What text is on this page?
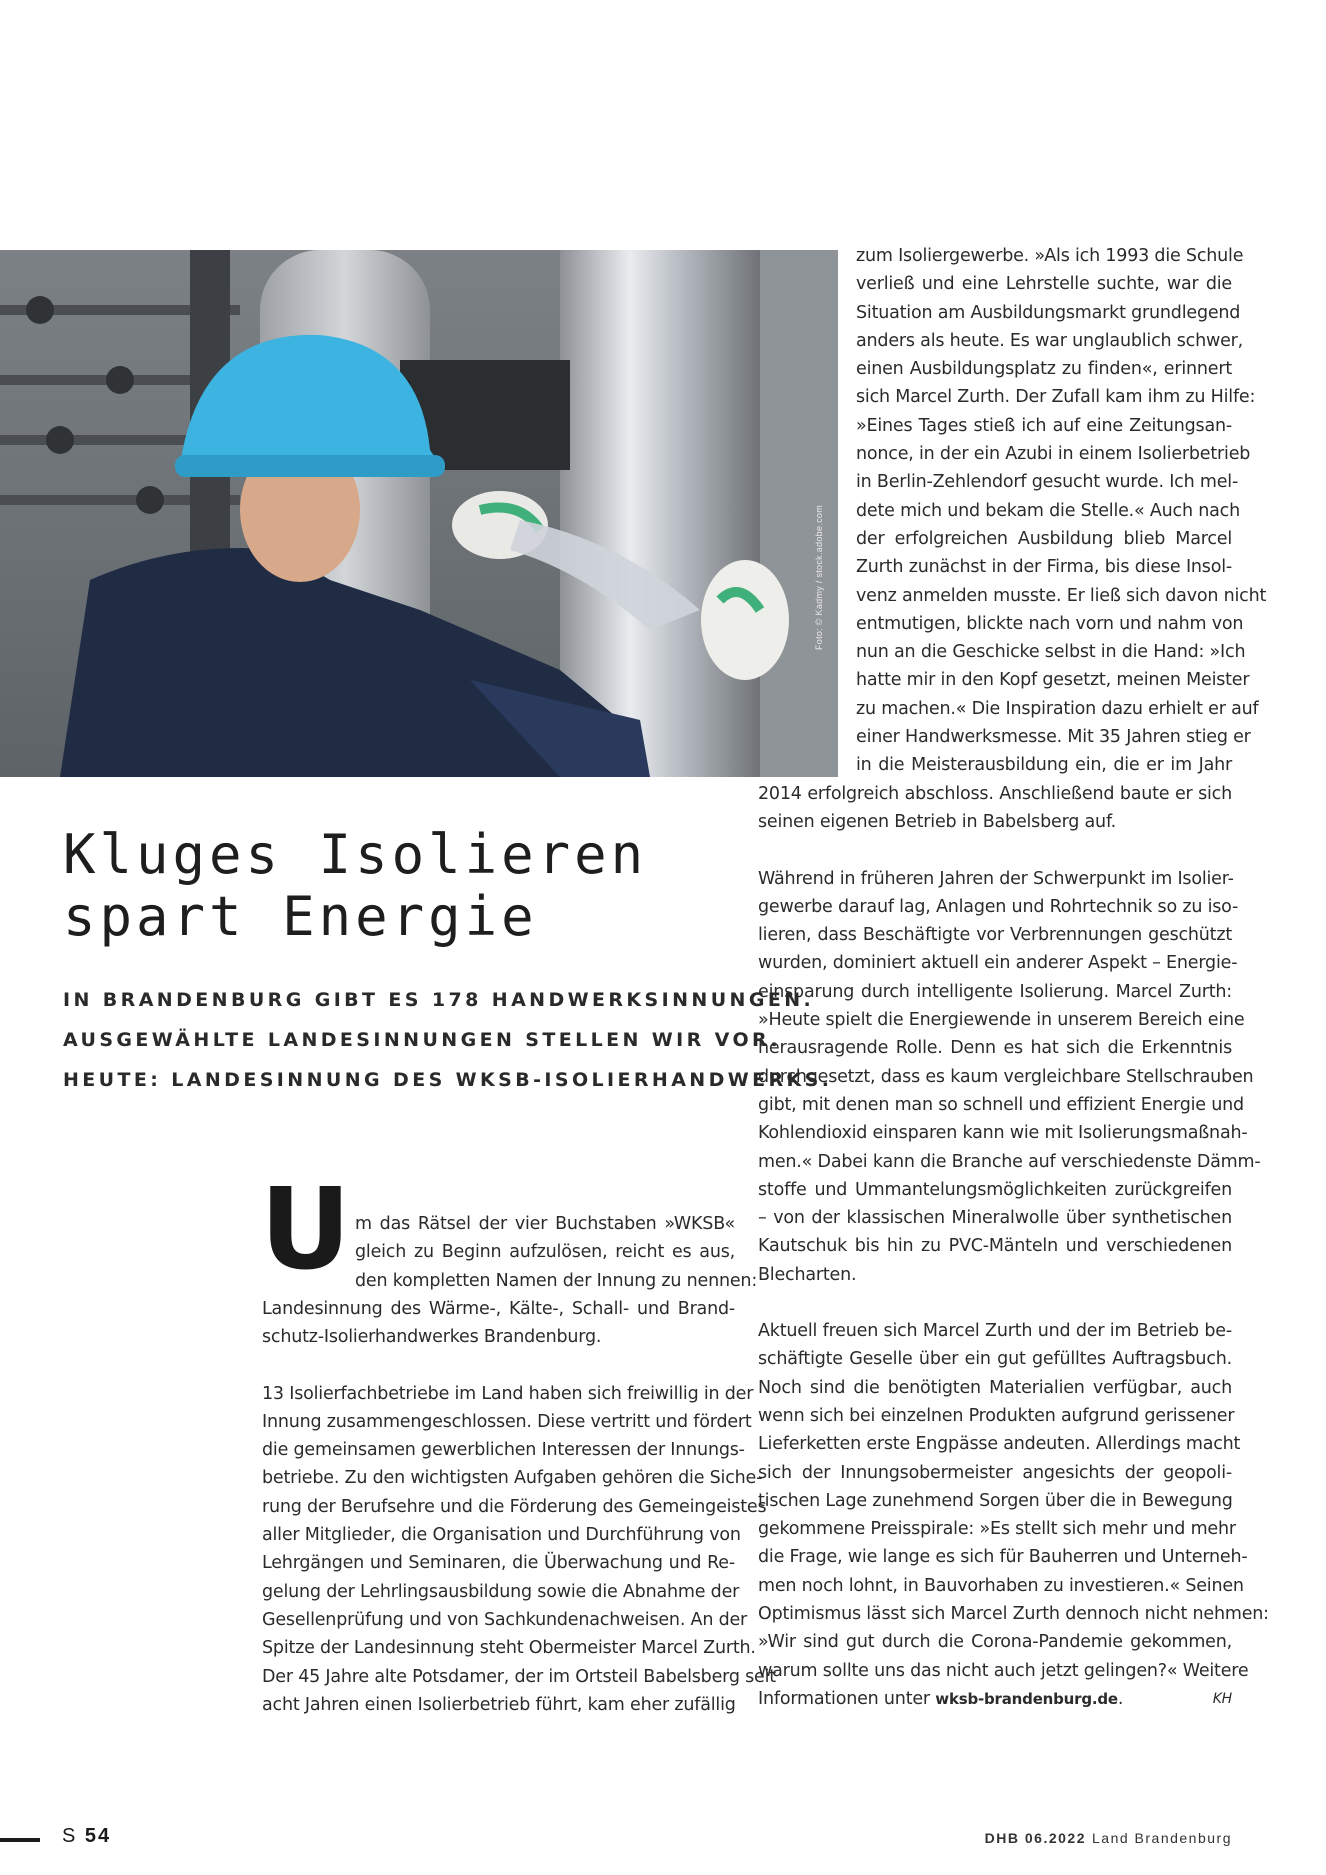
Foto: © Kadmy / stock.adobe.com
Kluges Isolieren
spart Energie
IN BRANDENBURG GIBT ES 178 HANDWERKSINNUNGEN.
AUSGEWÄHLTE LANDESINNUNGEN STELLEN WIR VOR.
HEUTE: LANDESINNUNG DES WKSB-ISOLIERHANDWERKS.
U m das Rätsel der vier Buchstaben »WKSB«
gleich zu Beginn aufzulösen, reicht es aus,
den kompletten Namen der Innung zu nennen:
Landesinnung des Wärme-, Kälte-, Schall- und Brand-
schutz-Isolierhandwerkes Brandenburg.
13 Isolierfachbetriebe im Land haben sich freiwillig in der
Innung zusammengeschlossen. Diese vertritt und fördert
die gemeinsamen gewerblichen Interessen der Innungs-
betriebe. Zu den wichtigsten Aufgaben gehören die Siche-
rung der Berufsehre und die Förderung des Gemeingeistes
aller Mitglieder, die Organisation und Durchführung von
Lehrgängen und Seminaren, die Überwachung und Re-
gelung der Lehrlingsausbildung sowie die Abnahme der
Gesellenprüfung und von Sachkundenachweisen. An der
Spitze der Landesinnung steht Obermeister Marcel Zurth.
Der 45 Jahre alte Potsdamer, der im Ortsteil Babelsberg seit
acht Jahren einen Isolierbetrieb führt, kam eher zufällig
zum Isoliergewerbe. »Als ich 1993 die Schule
verließ und eine Lehrstelle suchte, war die
Situation am Ausbildungsmarkt grundlegend
anders als heute. Es war unglaublich schwer,
einen Ausbildungsplatz zu finden«, erinnert
sich Marcel Zurth. Der Zufall kam ihm zu Hilfe:
»Eines Tages stieß ich auf eine Zeitungsan-
nonce, in der ein Azubi in einem Isolierbetrieb
in Berlin-Zehlendorf gesucht wurde. Ich mel-
dete mich und bekam die Stelle.« Auch nach
der erfolgreichen Ausbildung blieb Marcel
Zurth zunächst in der Firma, bis diese Insol-
venz anmelden musste. Er ließ sich davon nicht
entmutigen, blickte nach vorn und nahm von
nun an die Geschicke selbst in die Hand: »Ich
hatte mir in den Kopf gesetzt, meinen Meister
zu machen.« Die Inspiration dazu erhielt er auf
einer Handwerksmesse. Mit 35 Jahren stieg er
in die Meisterausbildung ein, die er im Jahr
2014 erfolgreich abschloss. Anschließend baute er sich
seinen eigenen Betrieb in Babelsberg auf.
Während in früheren Jahren der Schwerpunkt im Isolier-
gewerbe darauf lag, Anlagen und Rohrtechnik so zu iso-
lieren, dass Beschäftigte vor Verbrennungen geschützt
wurden, dominiert aktuell ein anderer Aspekt – Energie-
einsparung durch intelligente Isolierung. Marcel Zurth:
»Heute spielt die Energiewende in unserem Bereich eine
herausragende Rolle. Denn es hat sich die Erkenntnis
durchgesetzt, dass es kaum vergleichbare Stellschrauben
gibt, mit denen man so schnell und effizient Energie und
Kohlendioxid einsparen kann wie mit Isolierungsmaßnah-
men.« Dabei kann die Branche auf verschiedenste Dämm-
stoffe und Ummantelungsmöglichkeiten zurückgreifen
– von der klassischen Mineralwolle über synthetischen
Kautschuk bis hin zu PVC-Mänteln und verschiedenen
Blecharten.
Aktuell freuen sich Marcel Zurth und der im Betrieb be-
schäftigte Geselle über ein gut gefülltes Auftragsbuch.
Noch sind die benötigten Materialien verfügbar, auch
wenn sich bei einzelnen Produkten aufgrund gerissener
Lieferketten erste Engpässe andeuten. Allerdings macht
sich der Innungsobermeister angesichts der geopoli-
tischen Lage zunehmend Sorgen über die in Bewegung
gekommene Preisspirale: »Es stellt sich mehr und mehr
die Frage, wie lange es sich für Bauherren und Unterneh-
men noch lohnt, in Bauvorhaben zu investieren.« Seinen
Optimismus lässt sich Marcel Zurth dennoch nicht nehmen:
»Wir sind gut durch die Corona-Pandemie gekommen,
warum sollte uns das nicht auch jetzt gelingen?« Weitere
Informationen unter wksb-brandenburg.de.	KH
S 54	DHB 06.2022 Land Brandenburg
